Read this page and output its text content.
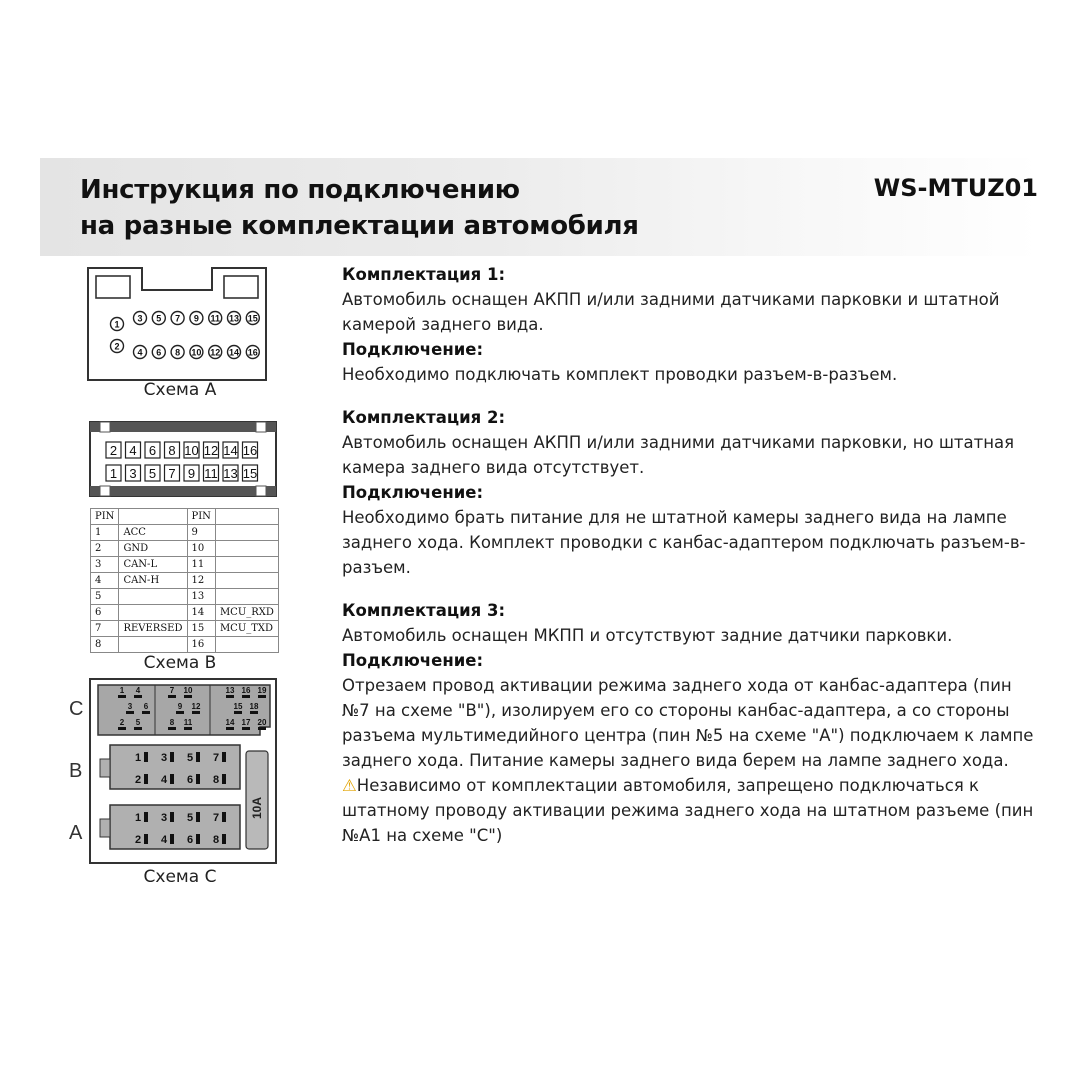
Инструкция по подключению
на разные комплектации автомобиля
WS-MTUZ01
3 5 7 9 11 13 15
4 6 8 10 12 14 16
1
2
Схема А
2 4 6 8 10 12 14 16
1 3 5 7 9 11 13 15
PIN		PIN	
1	ACC	9	
2	GND	10	
3	CAN-L	11	
4	CAN-H	12	
5		13	
6		14	MCU_RXD
7	REVERSED	15	MCU_TXD
8		16	
Схема В
C
B
A
1 4	7 10	13 16 19
3 6	9 12	15 18
2 5	8 11	14 17 20
1 3 5 7
2 4 6 8
1 3 5 7
2 4 6 8
10A
Схема С
Комплектация 1:
Автомобиль оснащен АКПП и/или задними датчиками парковки и штатной камерой заднего вида.
Подключение:
Необходимо подключать комплект проводки разъем-в-разъем.
Комплектация 2:
Автомобиль оснащен АКПП и/или задними датчиками парковки, но штатная камера заднего вида отсутствует.
Подключение:
Необходимо брать питание для не штатной камеры заднего вида на лампе заднего хода. Комплект проводки с канбас-адаптером подключать разъем-в-разъем.
Комплектация 3:
Автомобиль оснащен МКПП и отсутствуют задние датчики парковки.
Подключение:
Отрезаем провод активации режима заднего хода от канбас-адаптера (пин №7 на схеме "В"), изолируем его со стороны канбас-адаптера, а со стороны разъема мультимедийного центра (пин №5 на схеме "А") подключаем к лампе заднего хода. Питание камеры заднего вида берем на лампе заднего хода.
⚠Независимо от комплектации автомобиля, запрещено подключаться к штатному проводу активации режима заднего хода на штатном разъеме (пин №А1 на схеме "С")
